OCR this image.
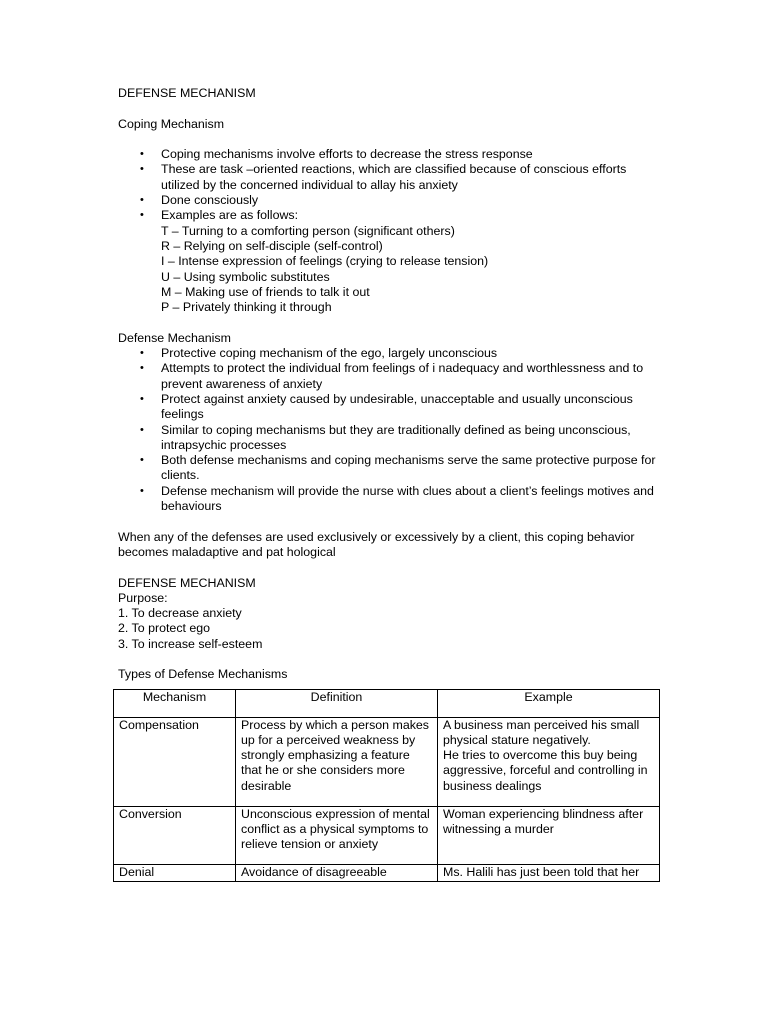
DEFENSE MECHANISM

Coping Mechanism

• Coping mechanisms involve efforts to decrease the stress response
• These are task –oriented reactions, which are classified because of conscious efforts utilized by the concerned individual to allay his anxiety
• Done consciously
• Examples are as follows:
T – Turning to a comforting person (significant others)
R – Relying on self-disciple (self-control)
I – Intense expression of feelings (crying to release tension)
U – Using symbolic substitutes
M – Making use of friends to talk it out
P – Privately thinking it through

Defense Mechanism

• Protective coping mechanism of the ego, largely unconscious
• Attempts to protect the individual from feelings of i nadequacy and worthlessness and to prevent awareness of anxiety
• Protect against anxiety caused by undesirable, unacceptable and usually unconscious feelings
• Similar to coping mechanisms but they are traditionally defined as being unconscious, intrapsychic processes
• Both defense mechanisms and coping mechanisms serve the same protective purpose for clients.
• Defense mechanism will provide the nurse with clues about a client’s feelings motives and behaviours

When any of the defenses are used exclusively or excessively by a client, this coping behavior becomes maladaptive and pat hological

DEFENSE MECHANISM

Purpose:

1. To decrease anxiety

2. To protect ego

3. To increase self-esteem

Types of Defense Mechanisms

Mechanism	Definition	Example
Compensation	Process by which a person makes up for a perceived weakness by strongly emphasizing a feature that he or she considers more desirable	A business man perceived his small physical stature negatively.
He tries to overcome this buy being aggressive, forceful and controlling in business dealings

Conversion	Unconscious expression of mental conflict as a physical symptoms to relieve tension or anxiety	Woman experiencing blindness after witnessing a murder

Denial	Avoidance of disagreeable	Ms. Halili has just been told that her
